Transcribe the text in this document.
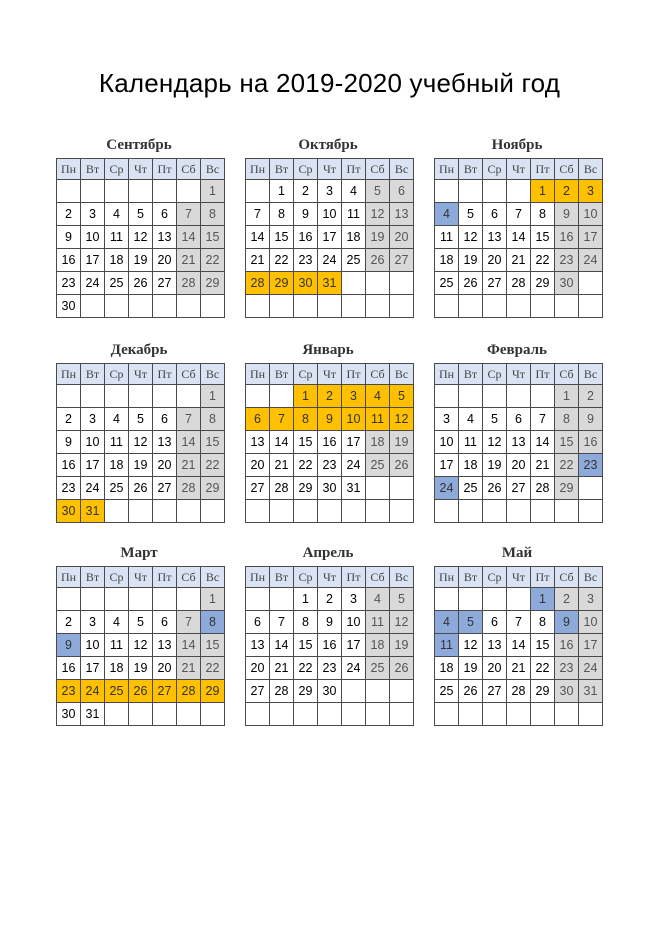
Календарь на 2019-2020 учебный год
Сентябрь
Пн	Вт	Ср	Чт	Пт	Сб	Вс
						1
2	3	4	5	6	7	8
9	10	11	12	13	14	15
16	17	18	19	20	21	22
23	24	25	26	27	28	29
30						
Октябрь
Пн	Вт	Ср	Чт	Пт	Сб	Вс
	1	2	3	4	5	6
7	8	9	10	11	12	13
14	15	16	17	18	19	20
21	22	23	24	25	26	27
28	29	30	31			

Ноябрь
Пн	Вт	Ср	Чт	Пт	Сб	Вс
				1	2	3
4	5	6	7	8	9	10
11	12	13	14	15	16	17
18	19	20	21	22	23	24
25	26	27	28	29	30	

Декабрь
Пн	Вт	Ср	Чт	Пт	Сб	Вс
						1
2	3	4	5	6	7	8
9	10	11	12	13	14	15
16	17	18	19	20	21	22
23	24	25	26	27	28	29
30	31					
Январь
Пн	Вт	Ср	Чт	Пт	Сб	Вс
		1	2	3	4	5
6	7	8	9	10	11	12
13	14	15	16	17	18	19
20	21	22	23	24	25	26
27	28	29	30	31		

Февраль
Пн	Вт	Ср	Чт	Пт	Сб	Вс
					1	2
3	4	5	6	7	8	9
10	11	12	13	14	15	16
17	18	19	20	21	22	23
24	25	26	27	28	29	

Март
Пн	Вт	Ср	Чт	Пт	Сб	Вс
						1
2	3	4	5	6	7	8
9	10	11	12	13	14	15
16	17	18	19	20	21	22
23	24	25	26	27	28	29
30	31					
Апрель
Пн	Вт	Ср	Чт	Пт	Сб	Вс
		1	2	3	4	5
6	7	8	9	10	11	12
13	14	15	16	17	18	19
20	21	22	23	24	25	26
27	28	29	30			

Май
Пн	Вт	Ср	Чт	Пт	Сб	Вс
				1	2	3
4	5	6	7	8	9	10
11	12	13	14	15	16	17
18	19	20	21	22	23	24
25	26	27	28	29	30	31
